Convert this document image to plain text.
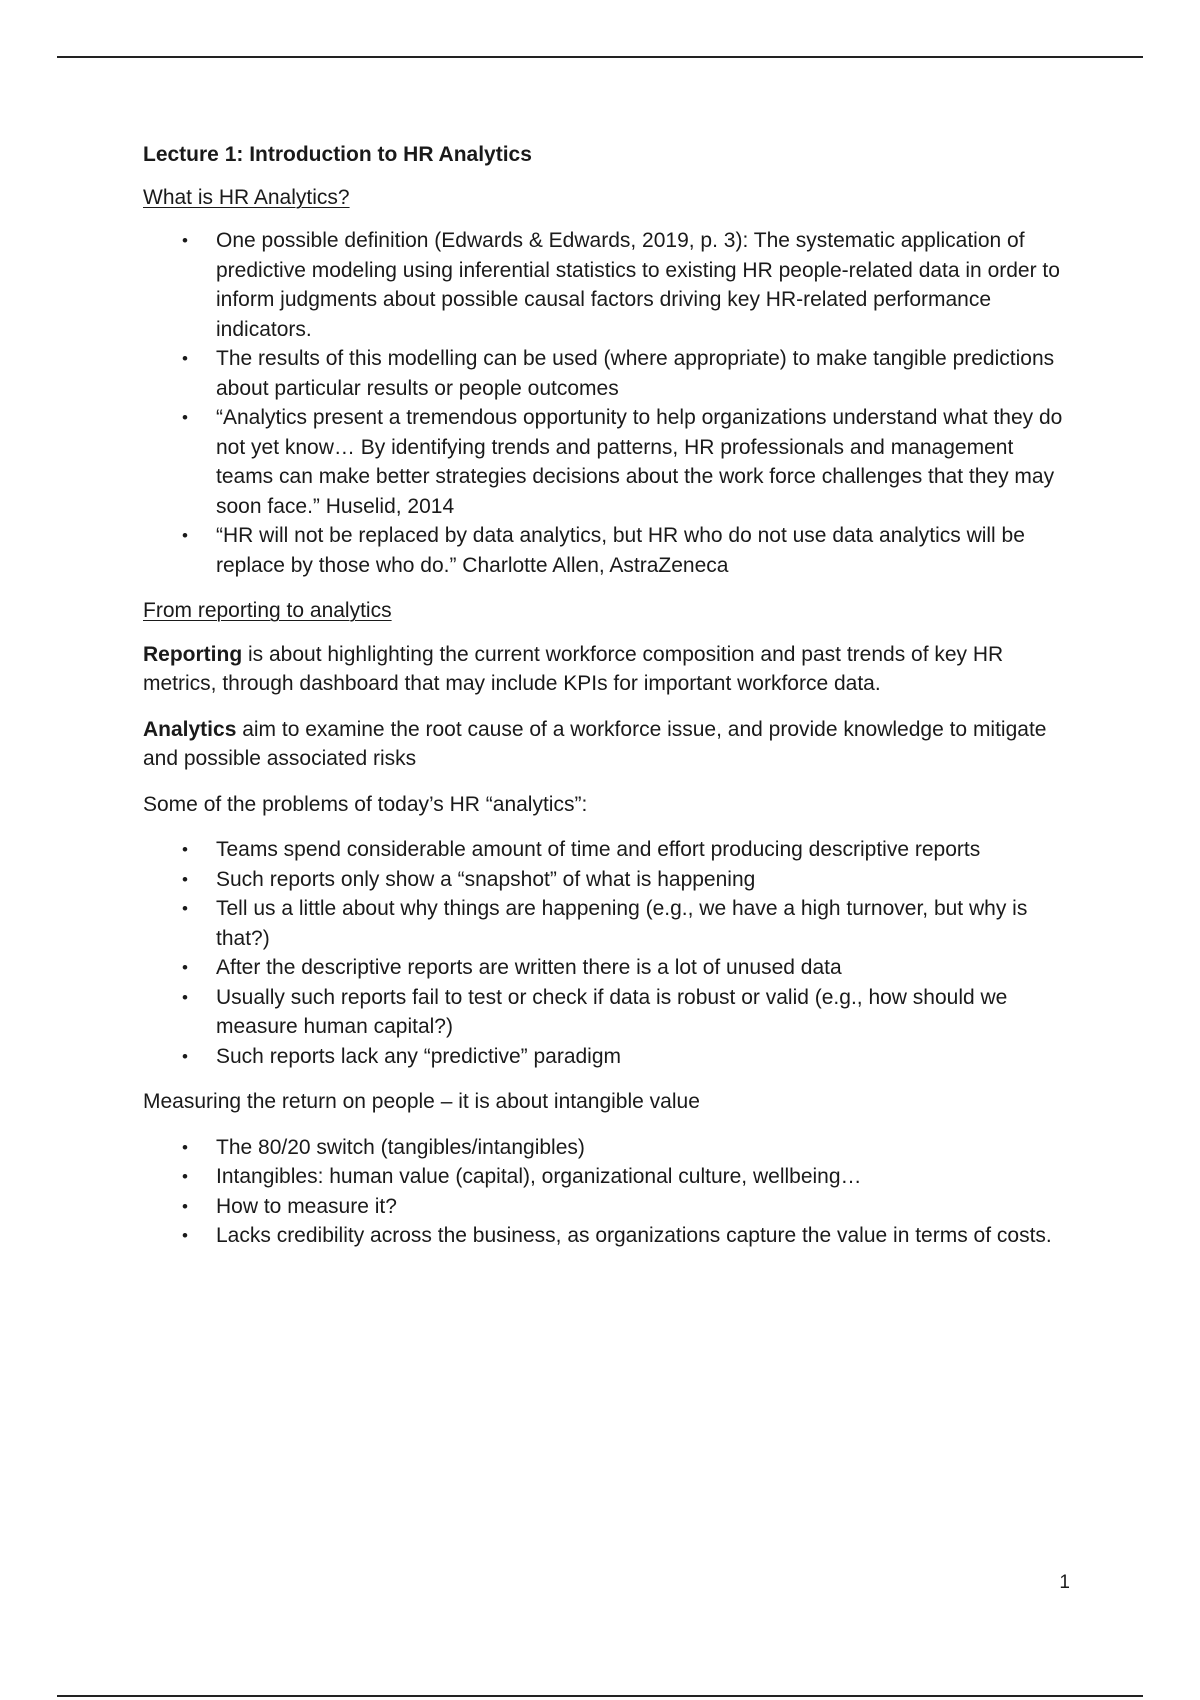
Lecture 1: Introduction to HR Analytics
What is HR Analytics?
• One possible definition (Edwards & Edwards, 2019, p. 3): The systematic application of predictive modeling using inferential statistics to existing HR people-related data in order to inform judgments about possible causal factors driving key HR-related performance indicators.
• The results of this modelling can be used (where appropriate) to make tangible predictions about particular results or people outcomes
• “Analytics present a tremendous opportunity to help organizations understand what they do not yet know… By identifying trends and patterns, HR professionals and management teams can make better strategies decisions about the work force challenges that they may soon face.” Huselid, 2014
• “HR will not be replaced by data analytics, but HR who do not use data analytics will be replace by those who do.” Charlotte Allen, AstraZeneca
From reporting to analytics

Reporting is about highlighting the current workforce composition and past trends of key HR metrics, through dashboard that may include KPIs for important workforce data.

Analytics aim to examine the root cause of a workforce issue, and provide knowledge to mitigate and possible associated risks

Some of the problems of today’s HR “analytics”:

• Teams spend considerable amount of time and effort producing descriptive reports
• Such reports only show a “snapshot” of what is happening
• Tell us a little about why things are happening (e.g., we have a high turnover, but why is that?)
• After the descriptive reports are written there is a lot of unused data
• Usually such reports fail to test or check if data is robust or valid (e.g., how should we measure human capital?)
• Such reports lack any “predictive” paradigm

Measuring the return on people – it is about intangible value

• The 80/20 switch (tangibles/intangibles)
• Intangibles: human value (capital), organizational culture, wellbeing…
• How to measure it?
• Lacks credibility across the business, as organizations capture the value in terms of costs.
1
